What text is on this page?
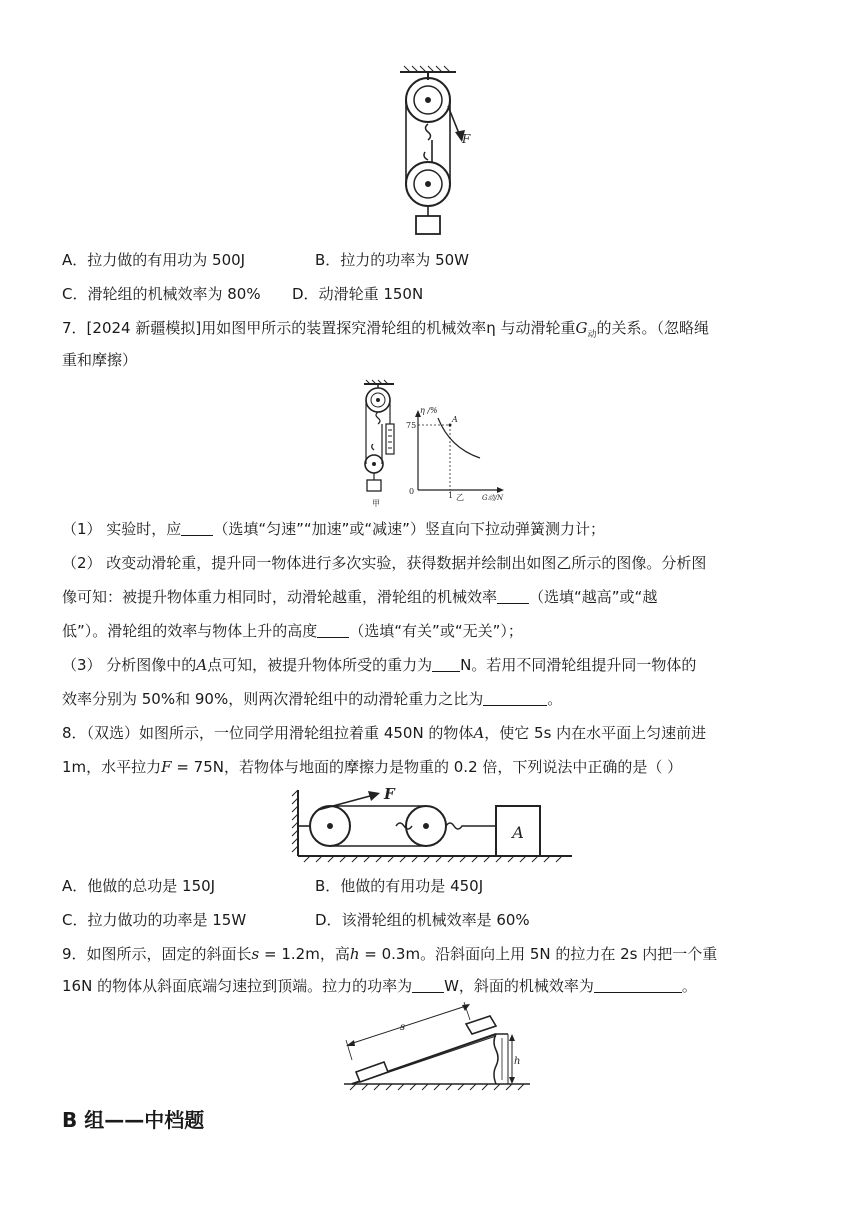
F
A．拉力做的有用功为 500J	B．拉力的功率为 50W
C．滑轮组的机械效率为 80% D．动滑轮重 150N
7．[2024 新疆模拟]用如图甲所示的装置探究滑轮组的机械效率η 与动滑轮重$G_动$的关系。（忽略绳
重和摩擦）
甲
η /%
G动/N
0
A
75
1 乙
（1） 实验时，应 （选填“匀速”“加速”或“减速”）竖直向下拉动弹簧测力计；
（2） 改变动滑轮重，提升同一物体进行多次实验，获得数据并绘制出如图乙所示的图像。分析图
像可知：被提升物体重力相同时，动滑轮越重，滑轮组的机械效率 （选填“越高”或“越
低”）。滑轮组的效率与物体上升的高度 （选填“有关”或“无关”）；
（3） 分析图像中的A点可知，被提升物体所受的重力为 N。若用不同滑轮组提升同一物体的
效率分别为 50%和 90%，则两次滑轮组中的动滑轮重力之比为	。
8．（双选）如图所示，一位同学用滑轮组拉着重 450N 的物体A，使它 5s 内在水平面上匀速前进
1m，水平拉力F = 75N，若物体与地面的摩擦力是物重的 0.2 倍，下列说法中正确的是（ ）
F
A
A．他做的总功是 150J	B．他做的有用功是 450J
C．拉力做功的功率是 15W	D．该滑轮组的机械效率是 60%
9．如图所示，固定的斜面长s = 1.2m，高h = 0.3m。沿斜面向上用 5N 的拉力在 2s 内把一个重
16N 的物体从斜面底端匀速拉到顶端。拉力的功率为 W，斜面的机械效率为	。
h
s
B 组——中档题
